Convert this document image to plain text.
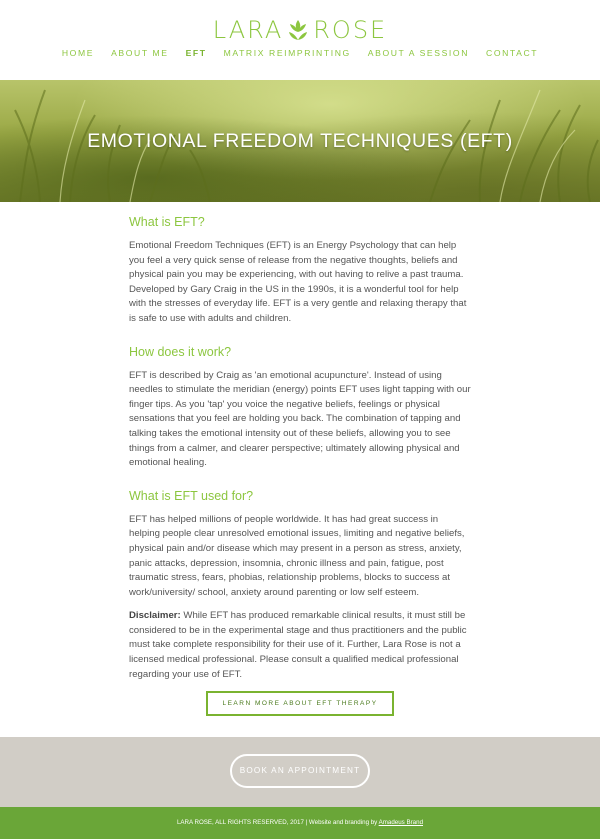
LARA ROSE
HOME ABOUT ME EFT MATRIX REIMPRINTING ABOUT A SESSION CONTACT
EMOTIONAL FREEDOM TECHNIQUES (EFT)
What is EFT?

Emotional Freedom Techniques (EFT) is an Energy Psychology that can help you feel a very quick sense of release from the negative thoughts, beliefs and physical pain you may be experiencing, with out having to relive a past trauma. Developed by Gary Craig in the US in the 1990s, it is a wonderful tool for help with the stresses of everyday life. EFT is a very gentle and relaxing therapy that is safe to use with adults and children.

How does it work?

EFT is described by Craig as 'an emotional acupuncture'. Instead of using needles to stimulate the meridian (energy) points EFT uses light tapping with our finger tips. As you 'tap' you voice the negative beliefs, feelings or physical sensations that you feel are holding you back. The combination of tapping and talking takes the emotional intensity out of these beliefs, allowing you to see things from a calmer, and clearer perspective; ultimately allowing physical and emotional healing.

What is EFT used for?

EFT has helped millions of people worldwide. It has had great success in helping people clear unresolved emotional issues, limiting and negative beliefs, physical pain and/or disease which may present in a person as stress, anxiety, panic attacks, depression, insomnia, chronic illness and pain, fatigue, post traumatic stress, fears, phobias, relationship problems, blocks to success at work/university/ school, anxiety around parenting or low self esteem.

Disclaimer: While EFT has produced remarkable clinical results, it must still be considered to be in the experimental stage and thus practitioners and the public must take complete responsibility for their use of it. Further, Lara Rose is not a licensed medical professional. Please consult a qualified medical professional regarding your use of EFT.

LEARN MORE ABOUT EFT THERAPY
BOOK AN APPOINTMENT
LARA ROSE, ALL RIGHTS RESERVED, 2017 | Website and branding by Amadeus Brand
